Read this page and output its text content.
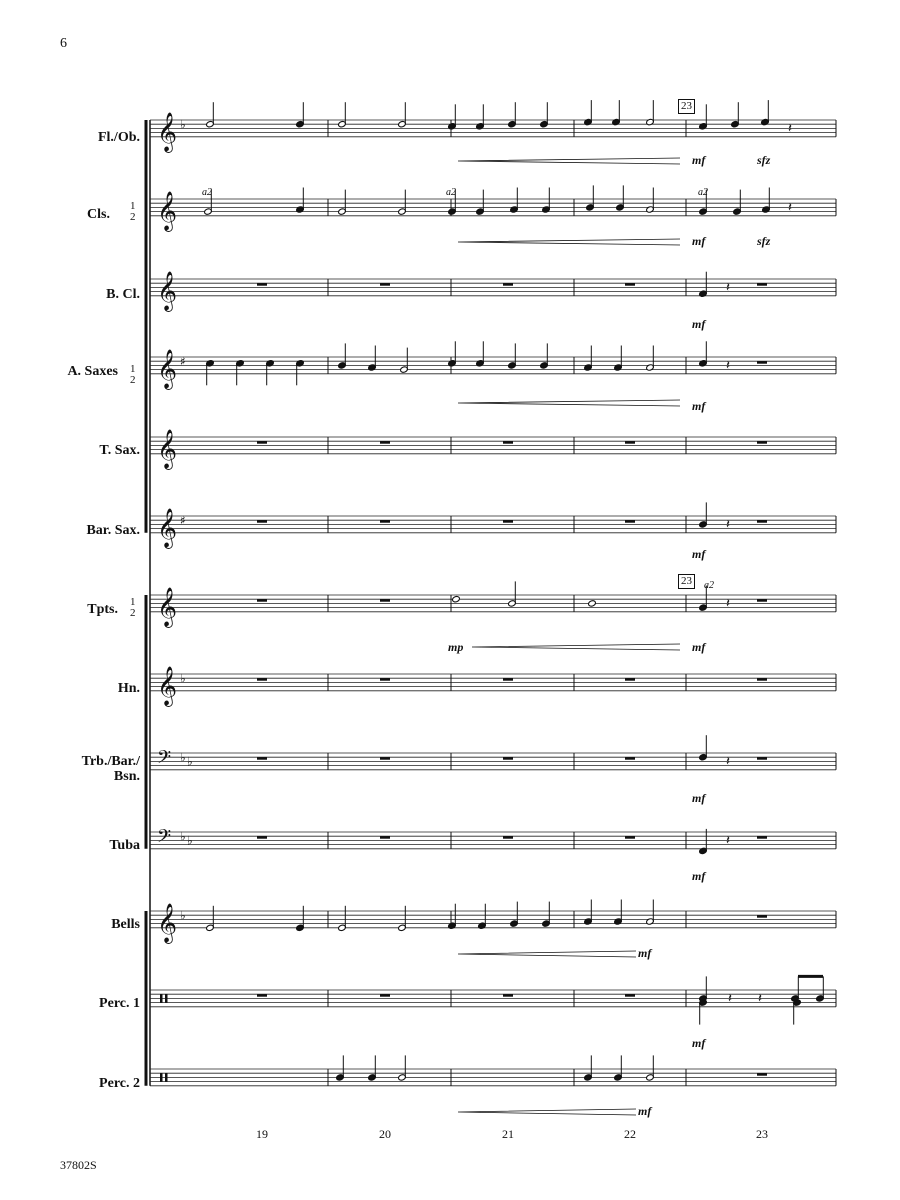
6
37802S
23
23
Fl./Ob.
Cls.
1
2
B. Cl.
A. Saxes 1
2
T. Sax.
Bar. Sax.
Tpts. 1
2
Hn.
Trb./Bar./
Bsn.
Tuba
Bells
Perc. 1
Perc. 2
19	20	21	22	23
𝄞 ♭
𝄞
𝄞
𝄞 ♯
𝄞
𝄞 ♯
𝄞
𝄞 ♭
𝄢 ♭ ♭
𝄢 ♭ ♭
𝄞 ♭
𝄽
𝄽
𝄽
𝄽
𝄽
𝄽
𝄽
𝄽
𝄽 𝄽
mf	sfz
mf	sfz
mf
mf
mf
mp	mf
mf
mf
mf
mf
mf
a2	a2	a2
a2
